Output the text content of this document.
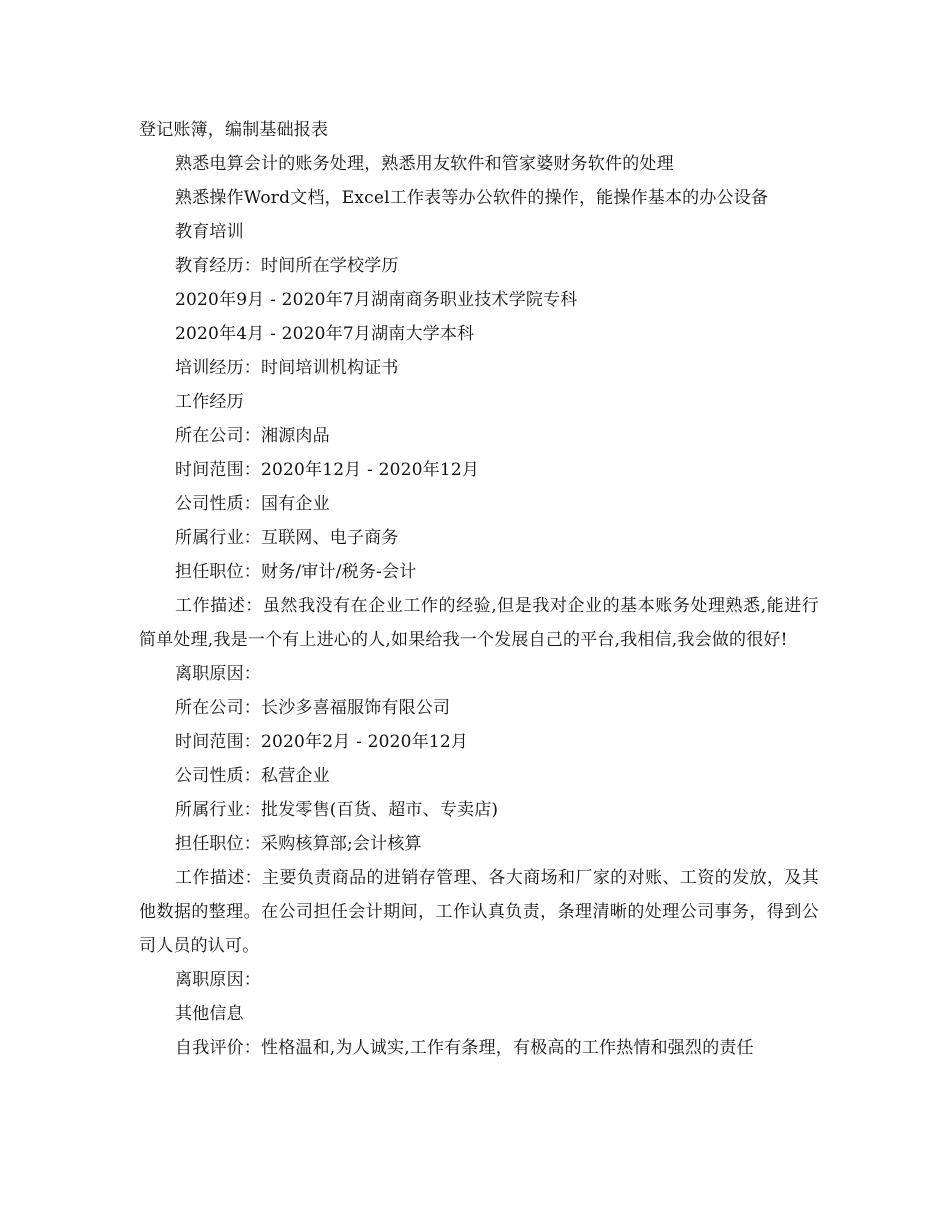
登记账簿，编制基础报表

熟悉电算会计的账务处理，熟悉用友软件和管家婆财务软件的处理

熟悉操作Word文档，Excel工作表等办公软件的操作，能操作基本的办公设备

教育培训

教育经历：时间所在学校学历

2020年9月 - 2020年7月湖南商务职业技术学院专科

2020年4月 - 2020年7月湖南大学本科

培训经历：时间培训机构证书

工作经历

所在公司：湘源肉品

时间范围：2020年12月 - 2020年12月

公司性质：国有企业

所属行业：互联网、电子商务

担任职位：财务/审计/税务-会计

工作描述：虽然我没有在企业工作的经验,但是我对企业的基本账务处理熟悉,能进行简单处理,我是一个有上进心的人,如果给我一个发展自己的平台,我相信,我会做的很好!

离职原因：

所在公司：长沙多喜福服饰有限公司

时间范围：2020年2月 - 2020年12月

公司性质：私营企业

所属行业：批发零售(百货、超市、专卖店)

担任职位：采购核算部;会计核算

工作描述：主要负责商品的进销存管理、各大商场和厂家的对账、工资的发放，及其他数据的整理。在公司担任会计期间，工作认真负责，条理清晰的处理公司事务，得到公司人员的认可。

离职原因：

其他信息

自我评价：性格温和,为人诚实,工作有条理，有极高的工作热情和强烈的责任
